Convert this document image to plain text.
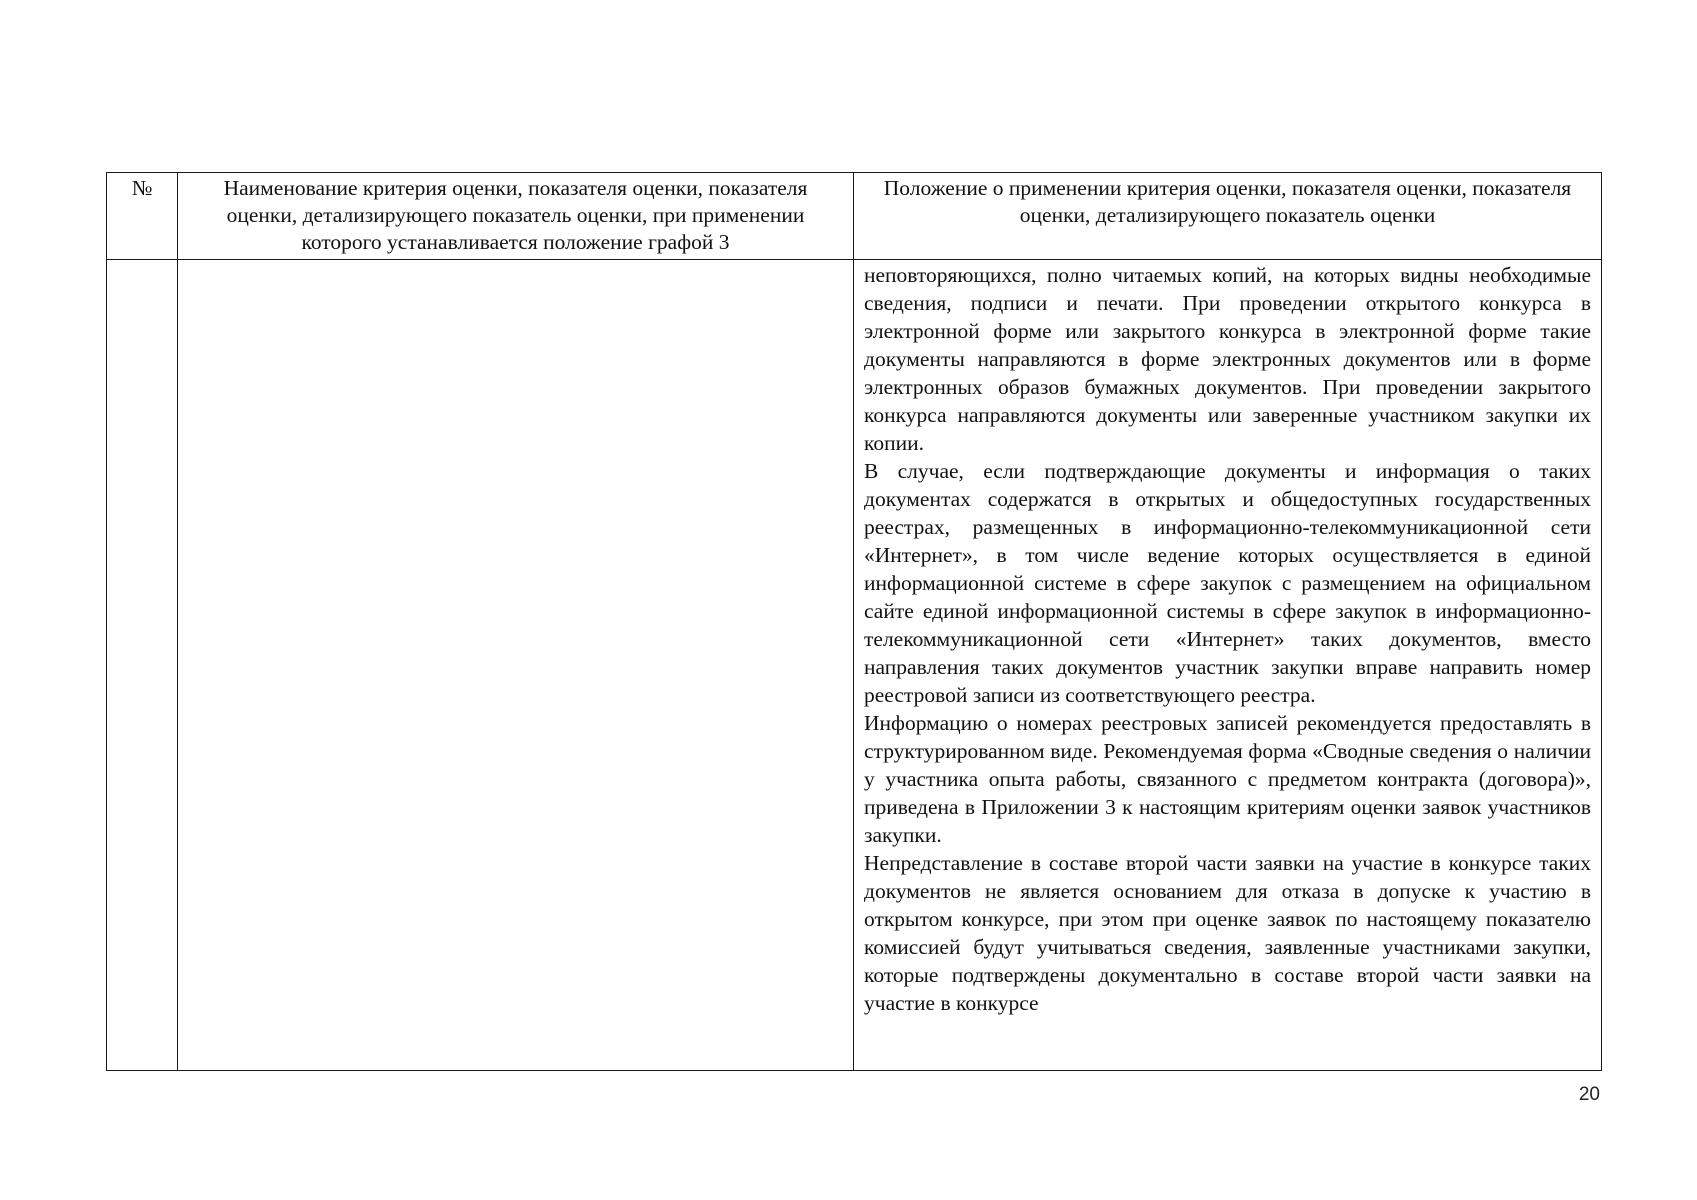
№	Наименование критерия оценки, показателя оценки, показателя оценки, детализирующего показатель оценки, при применении которого устанавливается положение графой 3	Положение о применении критерия оценки, показателя оценки, показателя оценки, детализирующего показатель оценки

		неповторяющихся, полно читаемых копий, на которых видны необходимые сведения, подписи и печати. При проведении открытого конкурса в электронной форме или закрытого конкурса в электронной форме такие документы направляются в форме электронных документов или в форме электронных образов бумажных документов. При проведении закрытого конкурса направляются документы или заверенные участником закупки их копии.

В случае, если подтверждающие документы и информация о таких документах содержатся в открытых и общедоступных государственных реестрах, размещенных в информационно-телекоммуникационной сети «Интернет», в том числе ведение которых осуществляется в единой информационной системе в сфере закупок с размещением на официальном сайте единой информационной системы в сфере закупок в информационно-телекоммуникационной сети «Интернет» таких документов, вместо направления таких документов участник закупки вправе направить номер реестровой записи из соответствующего реестра.

Информацию о номерах реестровых записей рекомендуется предоставлять в структурированном виде. Рекомендуемая форма «Сводные сведения о наличии у участника опыта работы, связанного с предметом контракта (договора)», приведена в Приложении 3 к настоящим критериям оценки заявок участников закупки.

Непредставление в составе второй части заявки на участие в конкурсе таких документов не является основанием для отказа в допуске к участию в открытом конкурсе, при этом при оценке заявок по настоящему показателю комиссией будут учитываться сведения, заявленные участниками закупки, которые подтверждены документально в составе второй части заявки на участие в конкурсе

20
